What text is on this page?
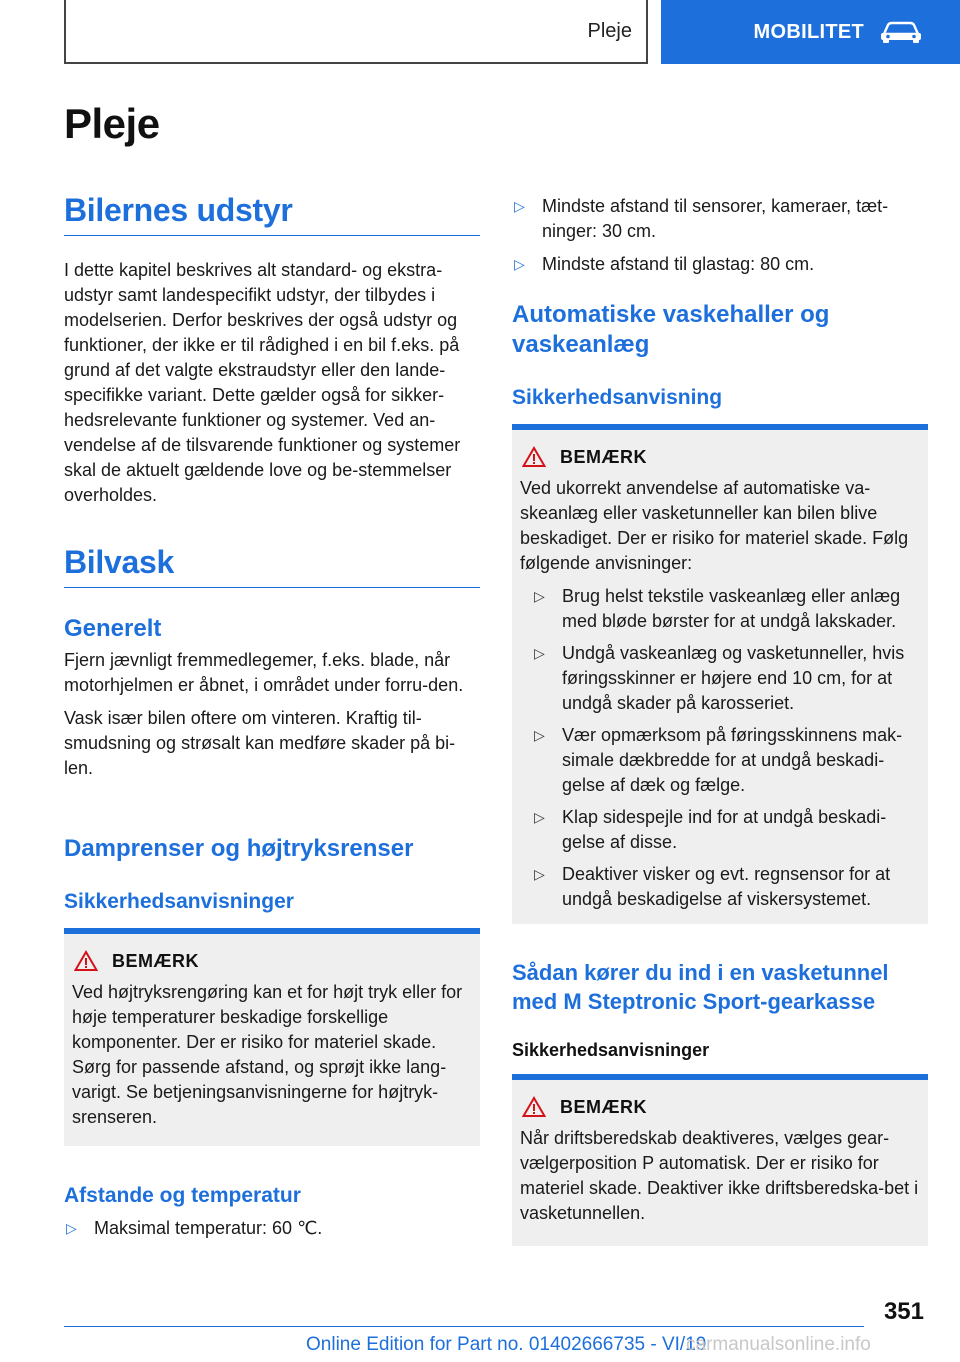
Pleje	MOBILITET
Pleje
Bilernes udstyr

I dette kapitel beskrives alt standard- og ekstra-udstyr samt landespecifikt udstyr, der tilbydes i modelserien. Derfor beskrives der også udstyr og funktioner, der ikke er til rådighed i en bil f.eks. på grund af det valgte ekstraudstyr eller den lande-specifikke variant. Dette gælder også for sikker-hedsrelevante funktioner og systemer. Ved an-vendelse af de tilsvarende funktioner og systemer skal de aktuelt gældende love og be-stemmelser overholdes.

Bilvask
Generelt

Fjern jævnligt fremmedlegemer, f.eks. blade, når motorhjelmen er åbnet, i området under forru-den.

Vask især bilen oftere om vinteren. Kraftig til-smudsning og strøsalt kan medføre skader på bi-len.

Damprenser og højtryksrenser
Sikkerhedsanvisninger
BEMÆRK

Ved højtryksrengøring kan et for højt tryk eller for høje temperaturer beskadige forskellige komponenter. Der er risiko for materiel skade. Sørg for passende afstand, og sprøjt ikke lang-varigt. Se betjeningsanvisningerne for højtryk-srenseren.

Afstande og temperatur
▷ Maksimal temperatur: 60 ℃.
▷ Mindste afstand til sensorer, kameraer, tæt-ninger: 30 cm.
▷ Mindste afstand til glastag: 80 cm.
Automatiske vaskehaller og vaskeanlæg
Sikkerhedsanvisning
BEMÆRK

Ved ukorrekt anvendelse af automatiske va-skeanlæg eller vasketunneller kan bilen blive beskadiget. Der er risiko for materiel skade. Følg følgende anvisninger:

▷ Brug helst tekstile vaskeanlæg eller anlæg med bløde børster for at undgå lakskader.
▷ Undgå vaskeanlæg og vasketunneller, hvis føringsskinner er højere end 10 cm, for at undgå skader på karosseriet.
▷ Vær opmærksom på føringsskinnens mak-simale dækbredde for at undgå beskadi-gelse af dæk og fælge.
▷ Klap sidespejle ind for at undgå beskadi-gelse af disse.
▷ Deaktiver visker og evt. regnsensor for at undgå beskadigelse af viskersystemet.
Sådan kører du ind i en vasketunnel med M Steptronic Sport-gearkasse
Sikkerhedsanvisninger
BEMÆRK

Når driftsberedskab deaktiveres, vælges gear-vælgerposition P automatisk. Der er risiko for materiel skade. Deaktiver ikke driftsberedska-bet i vasketunnellen.

351
Online Edition for Part no. 01402666735 - VI/19
carmanualsonline.info
